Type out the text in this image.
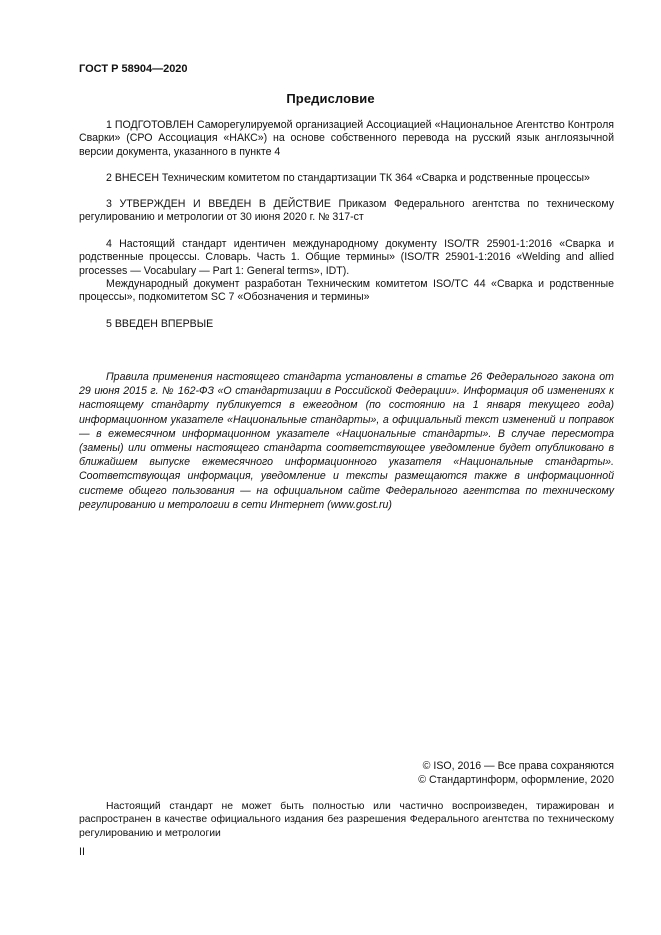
ГОСТ Р 58904—2020
Предисловие

1 ПОДГОТОВЛЕН Саморегулируемой организацией Ассоциацией «Национальное Агентство Контроля Сварки» (СРО Ассоциация «НАКС») на основе собственного перевода на русский язык англоязычной версии документа, указанного в пункте 4

2 ВНЕСЕН Техническим комитетом по стандартизации ТК 364 «Сварка и родственные процессы»

3 УТВЕРЖДЕН И ВВЕДЕН В ДЕЙСТВИЕ Приказом Федерального агентства по техническому регулированию и метрологии от 30 июня 2020 г. № 317-ст

4 Настоящий стандарт идентичен международному документу ISO/TR 25901-1:2016 «Сварка и родственные процессы. Словарь. Часть 1. Общие термины» (ISO/TR 25901-1:2016 «Welding and allied processes — Vocabulary — Part 1: General terms», IDT).

Международный документ разработан Техническим комитетом ISO/TC 44 «Сварка и родственные процессы», подкомитетом SC 7 «Обозначения и термины»

5 ВВЕДЕН ВПЕРВЫЕ

Правила применения настоящего стандарта установлены в статье 26 Федерального закона от 29 июня 2015 г. № 162-ФЗ «О стандартизации в Российской Федерации». Информация об изменениях к настоящему стандарту публикуется в ежегодном (по состоянию на 1 января текущего года) информационном указателе «Национальные стандарты», а официальный текст изменений и поправок — в ежемесячном информационном указателе «Национальные стандарты». В случае пересмотра (замены) или отмены настоящего стандарта соответствующее уведомление будет опубликовано в ближайшем выпуске ежемесячного информационного указателя «Национальные стандарты». Соответствующая информация, уведомление и тексты размещаются также в информационной системе общего пользования — на официальном сайте Федерального агентства по техническому регулированию и метрологии в сети Интернет (www.gost.ru)
© ISO, 2016 — Все права сохраняются
© Стандартинформ, оформление, 2020
Настоящий стандарт не может быть полностью или частично воспроизведен, тиражирован и распространен в качестве официального издания без разрешения Федерального агентства по техническому регулированию и метрологии
II
